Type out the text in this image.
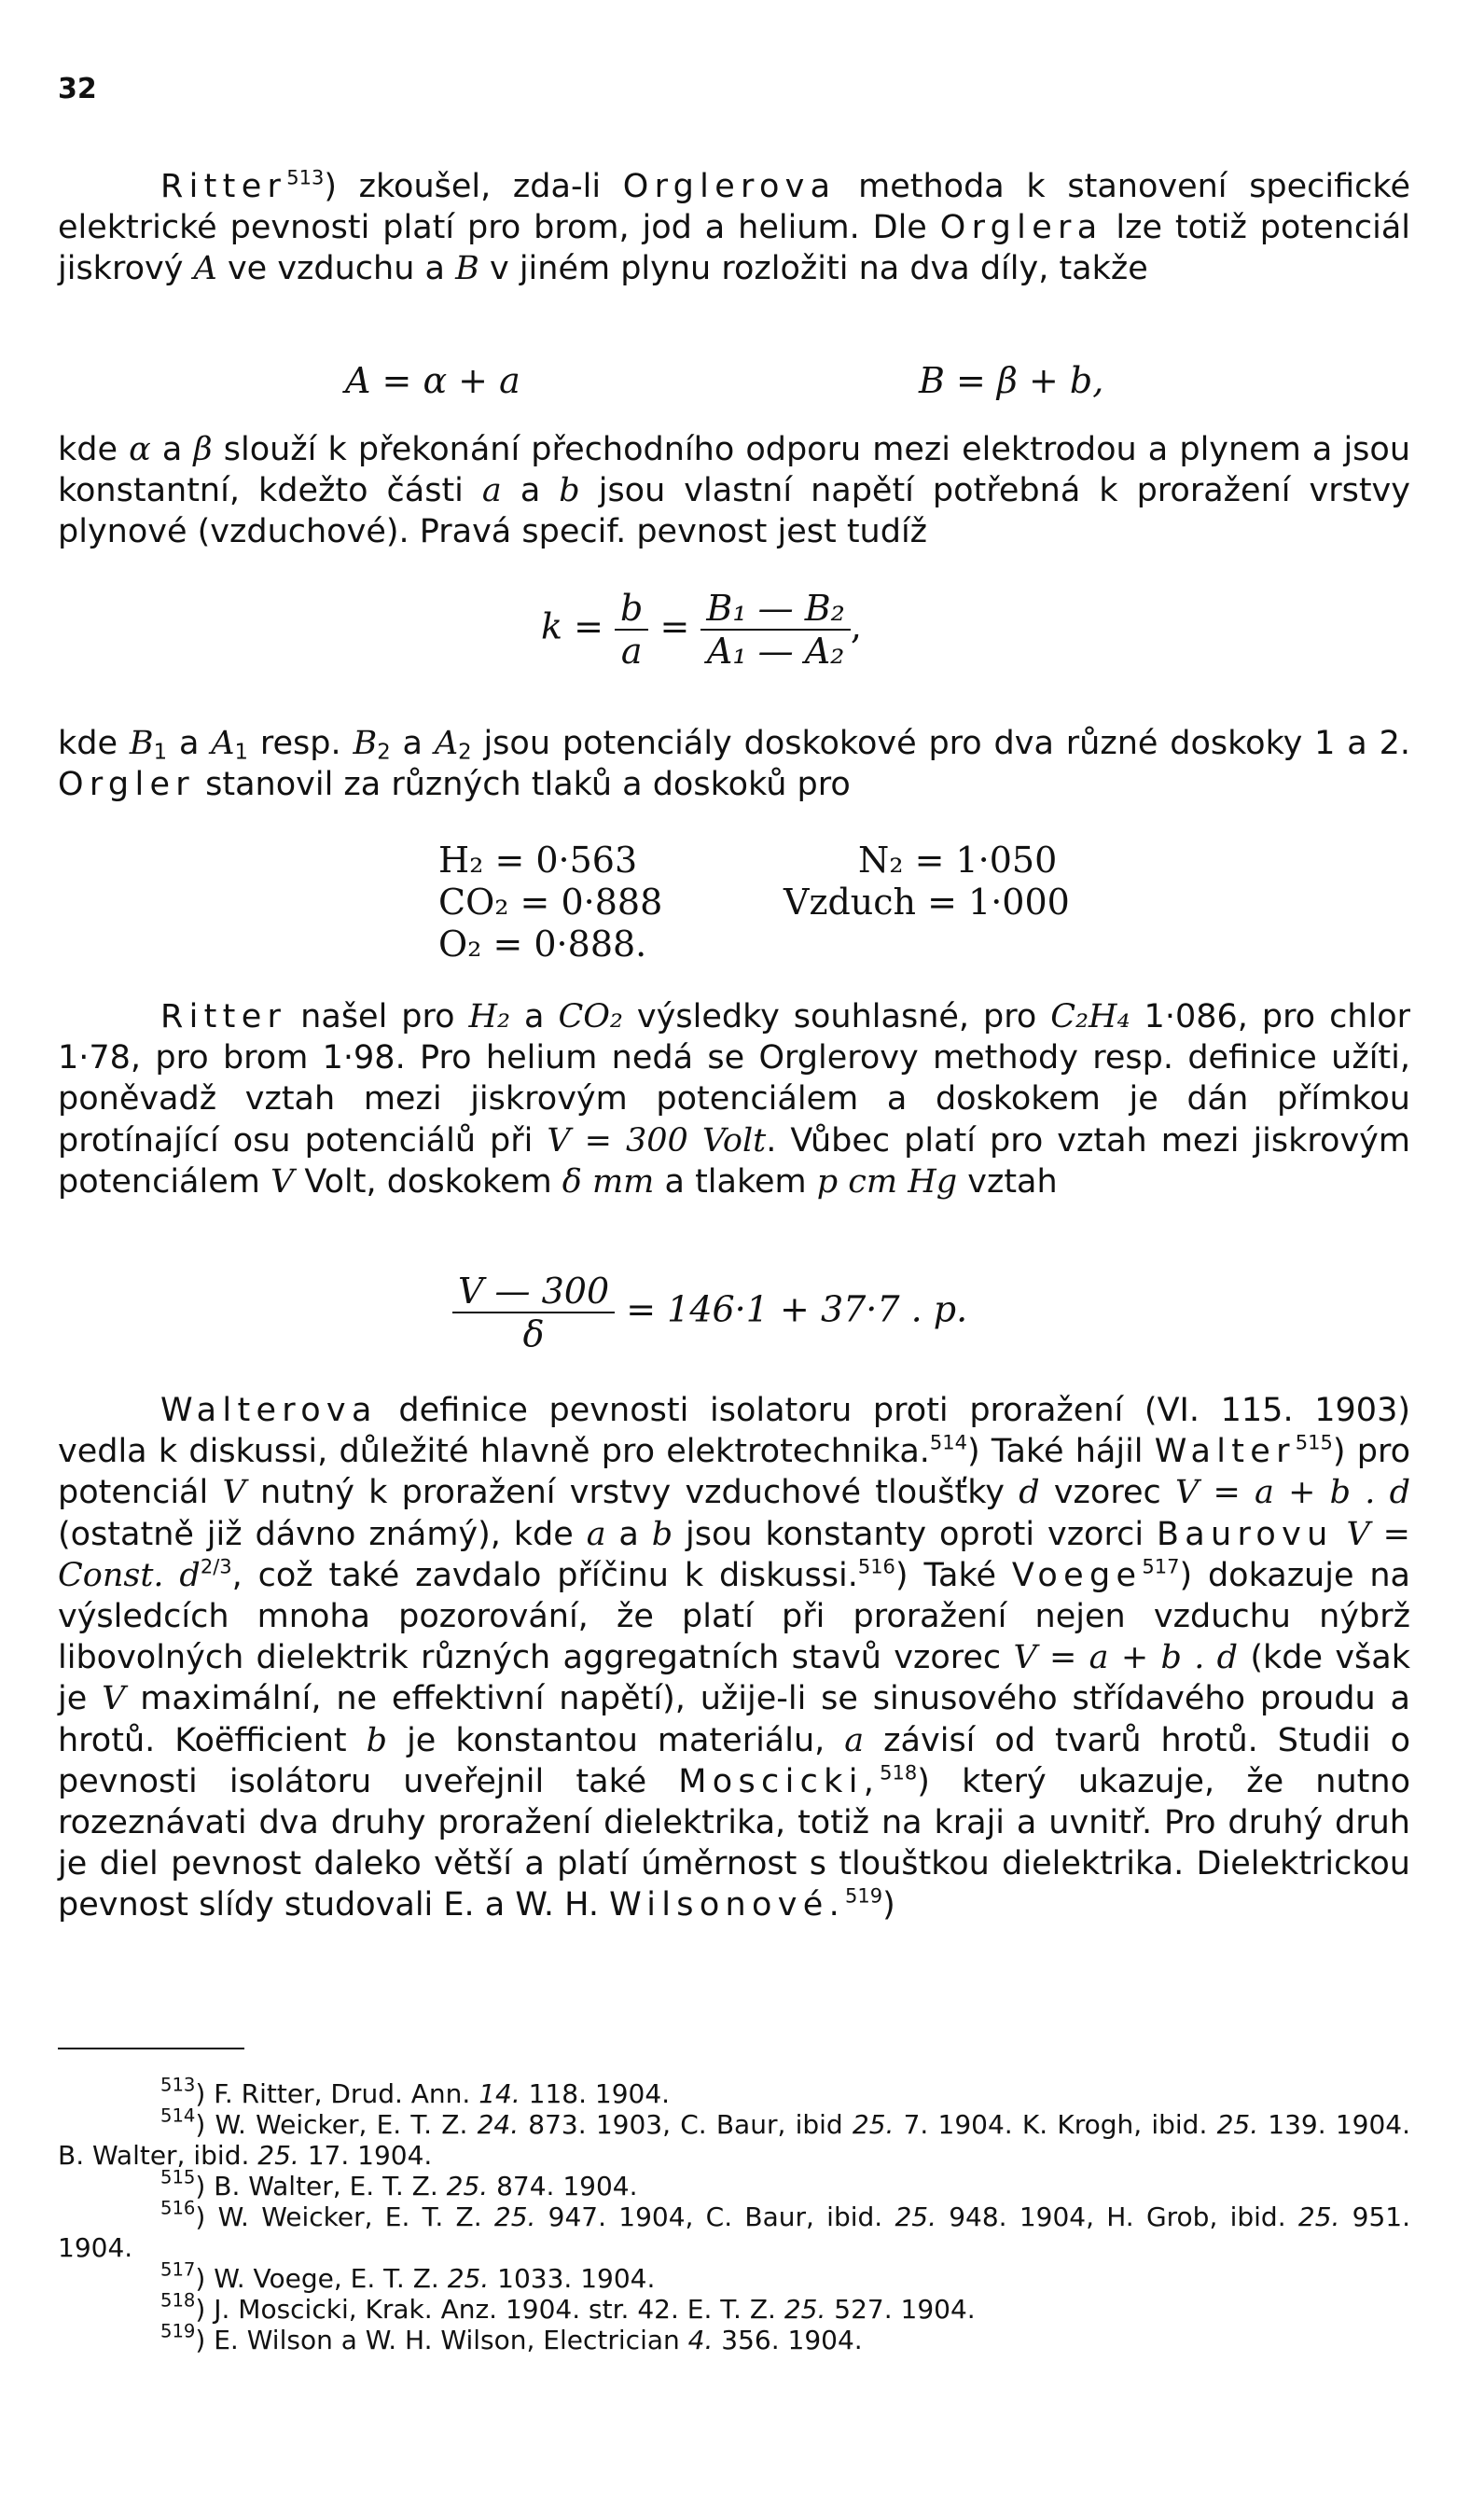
32
Ritter$^{513}$) zkoušel, zda-li Orglerova methoda k stanovení specifické elektrické pevnosti platí pro brom, jod a helium. Dle Orglera lze totiž potenciál jiskrový A ve vzduchu a B v jiném plynu rozložiti na dva díly, takže
A = α + a	B = β + b,
kde α a β slouží k překonání přechodního odporu mezi elektrodou a plynem a jsou konstantní, kdežto části a a b jsou vlastní napětí potřebná k proražení vrstvy plynové (vzduchové). Pravá specif. pevnost jest tudíž
$k = \frac{b}{a} = \frac{\text{B₁ — B₂}}{\text{A₁ — A₂}}$ ,
kde $B_1$ a $A_1$ resp. $B_2$ a $A_2$ jsou potenciály doskokové pro dva různé doskoky 1 a 2. Orgler stanovil za různých tlaků a doskoků pro
H₂ = 0·563
CO₂ = 0·888
O₂ = 0·888.
N₂ = 1·050
Vzduch = 1·000
Ritter našel pro H₂ a CO₂ výsledky souhlasné, pro C₂H₄ 1·086, pro chlor 1·78, pro brom 1·98. Pro helium nedá se Orglerovy methody resp. definice užíti, poněvadž vztah mezi jiskrovým potenciálem a doskokem je dán přímkou protínající osu potenciálů při V = 300 Volt. Vůbec platí pro vztah mezi jiskrovým potenciálem V Volt, doskokem δ mm a tlakem p cm Hg vztah
$\frac{V — 300}{\delta} = 146\cdot 1 + 37\cdot 7$ . p.
Walterova definice pevnosti isolatoru proti proražení (VI. 115. 1903) vedla k diskussi, důležité hlavně pro elektrotechnika.$^{514}$) Také hájil Walter$^{515}$) pro potenciál V nutný k proražení vrstvy vzduchové tloušťky d vzorec V = a + b . d (ostatně již dávno známý), kde a a b jsou konstanty oproti vzorci Baurovu V = Const. $d^{2/3}$, což také zavdalo příčinu k diskussi.$^{516}$) Také Voege$^{517}$) dokazuje na výsledcích mnoha pozorování, že platí při proražení nejen vzduchu nýbrž libovolných dielektrik různých aggregatních stavů vzorec V = a + b . d (kde však je V maximální, ne effektivní napětí), užije-li se sinusového střídavého proudu a hrotů. Koëfficient b je konstantou materiálu, a závisí od tvarů hrotů. Studii o pevnosti isolátoru uveřejnil také Moscicki,$^{518}$) který ukazuje, že nutno rozeznávati dva druhy proražení dielektrika, totiž na kraji a uvnitř. Pro druhý druh je diel pevnost daleko větší a platí úměrnost s tlouštkou dielektrika. Dielektrickou pevnost slídy studovali E. a W. H. Wilsonové.$^{519}$)
$^{513}$) F. Ritter, Drud. Ann. 14. 118. 1904.
$^{514}$) W. Weicker, E. T. Z. 24. 873. 1903, C. Baur, ibid 25. 7. 1904. K. Krogh, ibid. 25. 139. 1904. B. Walter, ibid. 25. 17. 1904.
$^{515}$) B. Walter, E. T. Z. 25. 874. 1904.
$^{516}$) W. Weicker, E. T. Z. 25. 947. 1904, C. Baur, ibid. 25. 948. 1904, H. Grob, ibid. 25. 951. 1904.
$^{517}$) W. Voege, E. T. Z. 25. 1033. 1904.
$^{518}$) J. Moscicki, Krak. Anz. 1904. str. 42. E. T. Z. 25. 527. 1904.
$^{519}$) E. Wilson a W. H. Wilson, Electrician 4. 356. 1904.
